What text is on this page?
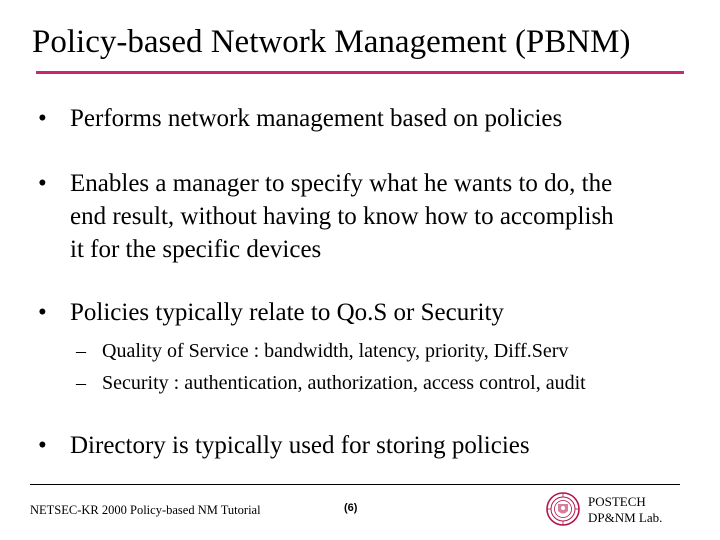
Policy-based Network Management (PBNM)
• Performs network management based on policies
• Enables a manager to specify what he wants to do, the
end result, without having to know how to accomplish
it for the specific devices
• Policies typically relate to Qo.S or Security
– Quality of Service : bandwidth, latency, priority, Diff.Serv
– Security : authentication, authorization, access control, audit
• Directory is typically used for storing policies
NETSEC-KR 2000 Policy-based NM Tutorial	(6)	POSTECH
DP&NM Lab.
